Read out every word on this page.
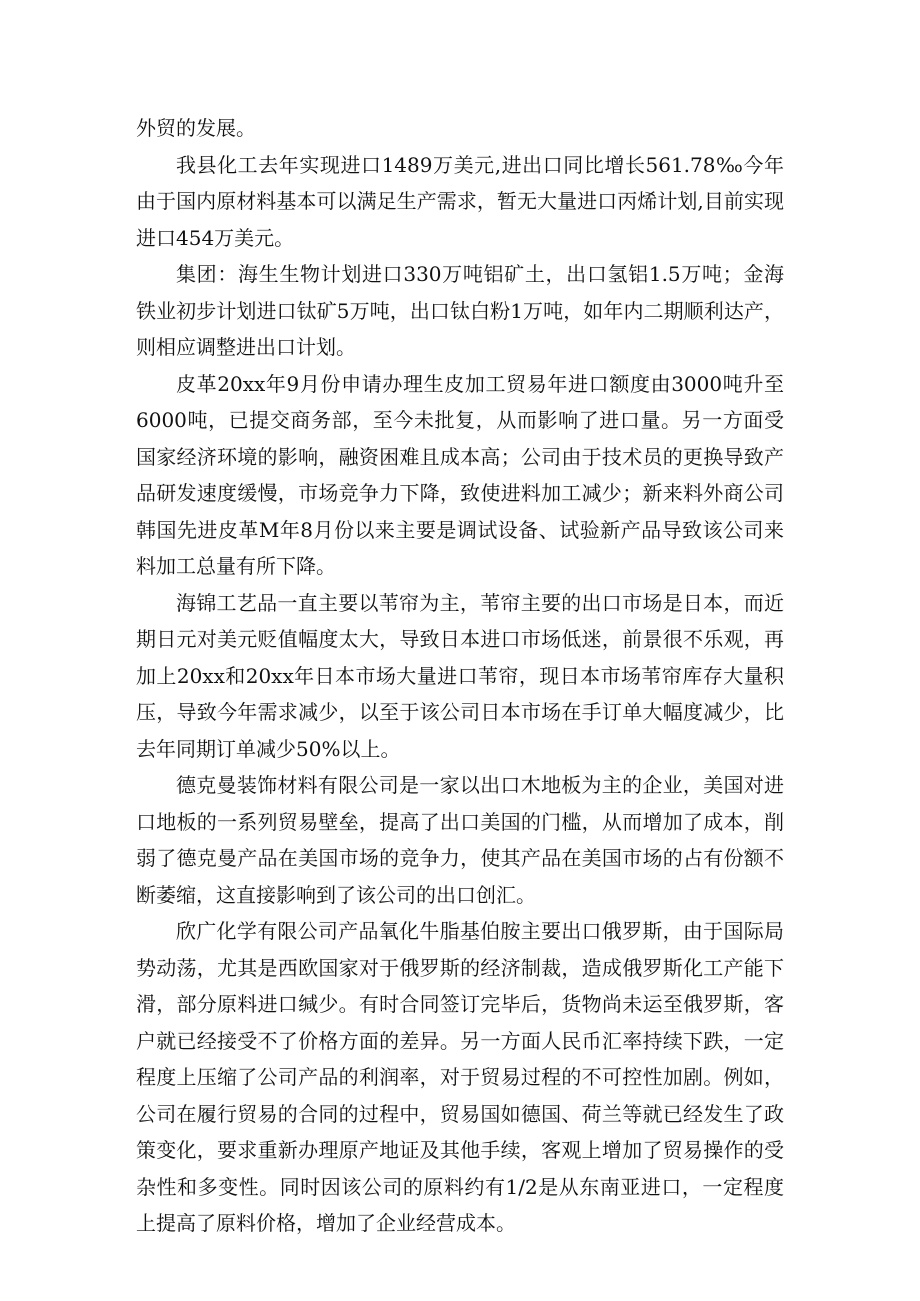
外贸的发展。

我县化工去年实现进口1489万美元,进出口同比增长561.78‰今年由于国内原材料基本可以满足生产需求，暂无大量进口丙烯计划,目前实现进口454万美元。

集团：海生生物计划进口330万吨铝矿土，出口氢铝1.5万吨；金海铁业初步计划进口钛矿5万吨，出口钛白粉1万吨，如年内二期顺利达产，则相应调整进出口计划。

皮革20xx年9月份申请办理生皮加工贸易年进口额度由3000吨升至6000吨，已提交商务部，至今未批复，从而影响了进口量。另一方面受国家经济环境的影响，融资困难且成本高；公司由于技术员的更换导致产品研发速度缓慢，市场竞争力下降，致使进料加工减少；新来料外商公司韩国先进皮革M年8月份以来主要是调试设备、试验新产品导致该公司来料加工总量有所下降。

海锦工艺品一直主要以苇帘为主，苇帘主要的出口市场是日本，而近期日元对美元贬值幅度太大，导致日本进口市场低迷，前景很不乐观，再加上20xx和20xx年日本市场大量进口苇帘，现日本市场苇帘库存大量积压，导致今年需求减少，以至于该公司日本市场在手订单大幅度减少，比去年同期订单减少50%以上。

德克曼装饰材料有限公司是一家以出口木地板为主的企业，美国对进口地板的一系列贸易壁垒，提高了出口美国的门槛，从而增加了成本，削弱了德克曼产品在美国市场的竞争力，使其产品在美国市场的占有份额不断萎缩，这直接影响到了该公司的出口创汇。

欣广化学有限公司产品氧化牛脂基伯胺主要出口俄罗斯，由于国际局势动荡，尤其是西欧国家对于俄罗斯的经济制裁，造成俄罗斯化工产能下滑，部分原料进口缄少。有时合同签订完毕后，货物尚未运至俄罗斯，客户就已经接受不了价格方面的差异。另一方面人民币汇率持续下跌，一定程度上压缩了公司产品的利润率，对于贸易过程的不可控性加剧。例如，公司在履行贸易的合同的过程中，贸易国如德国、荷兰等就已经发生了政策变化，要求重新办理原产地证及其他手续，客观上增加了贸易操作的受杂性和多变性。同时因该公司的原料约有1/2是从东南亚进口，一定程度上提高了原料价格，增加了企业经营成本。
